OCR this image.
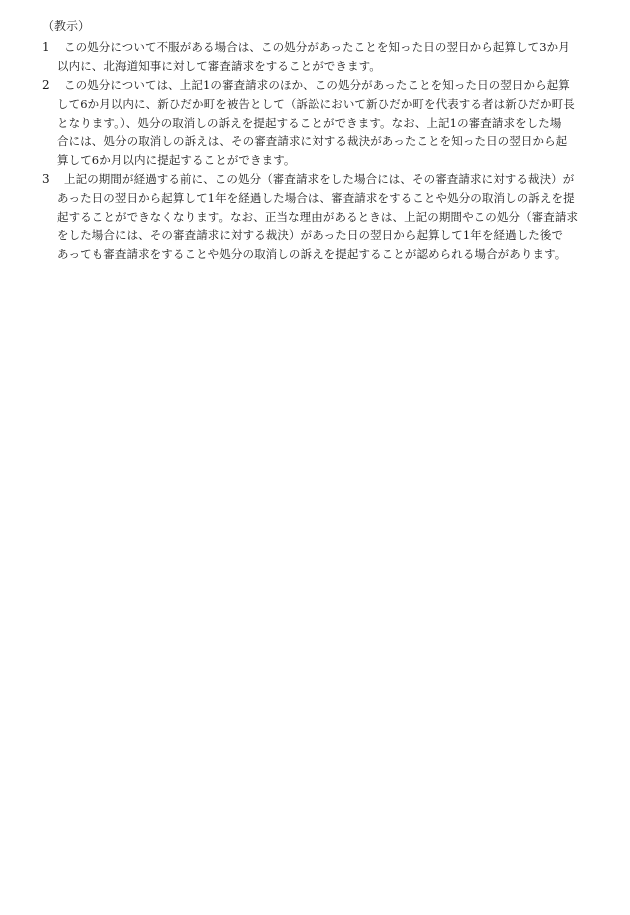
（教示）
1	この処分について不服がある場合は、この処分があったことを知った日の翌日から起算して3か月
以内に、北海道知事に対して審査請求をすることができます。
2	この処分については、上記1の審査請求のほか、この処分があったことを知った日の翌日から起算
して6か月以内に、新ひだか町を被告として（訴訟において新ひだか町を代表する者は新ひだか町長
となります。）、処分の取消しの訴えを提起することができます。なお、上記1の審査請求をした場
合には、処分の取消しの訴えは、その審査請求に対する裁決があったことを知った日の翌日から起
算して6か月以内に提起することができます。
3	上記の期間が経過する前に、この処分（審査請求をした場合には、その審査請求に対する裁決）が
あった日の翌日から起算して1年を経過した場合は、審査請求をすることや処分の取消しの訴えを提
起することができなくなります。なお、正当な理由があるときは、上記の期間やこの処分（審査請求
をした場合には、その審査請求に対する裁決）があった日の翌日から起算して1年を経過した後で
あっても審査請求をすることや処分の取消しの訴えを提起することが認められる場合があります。
